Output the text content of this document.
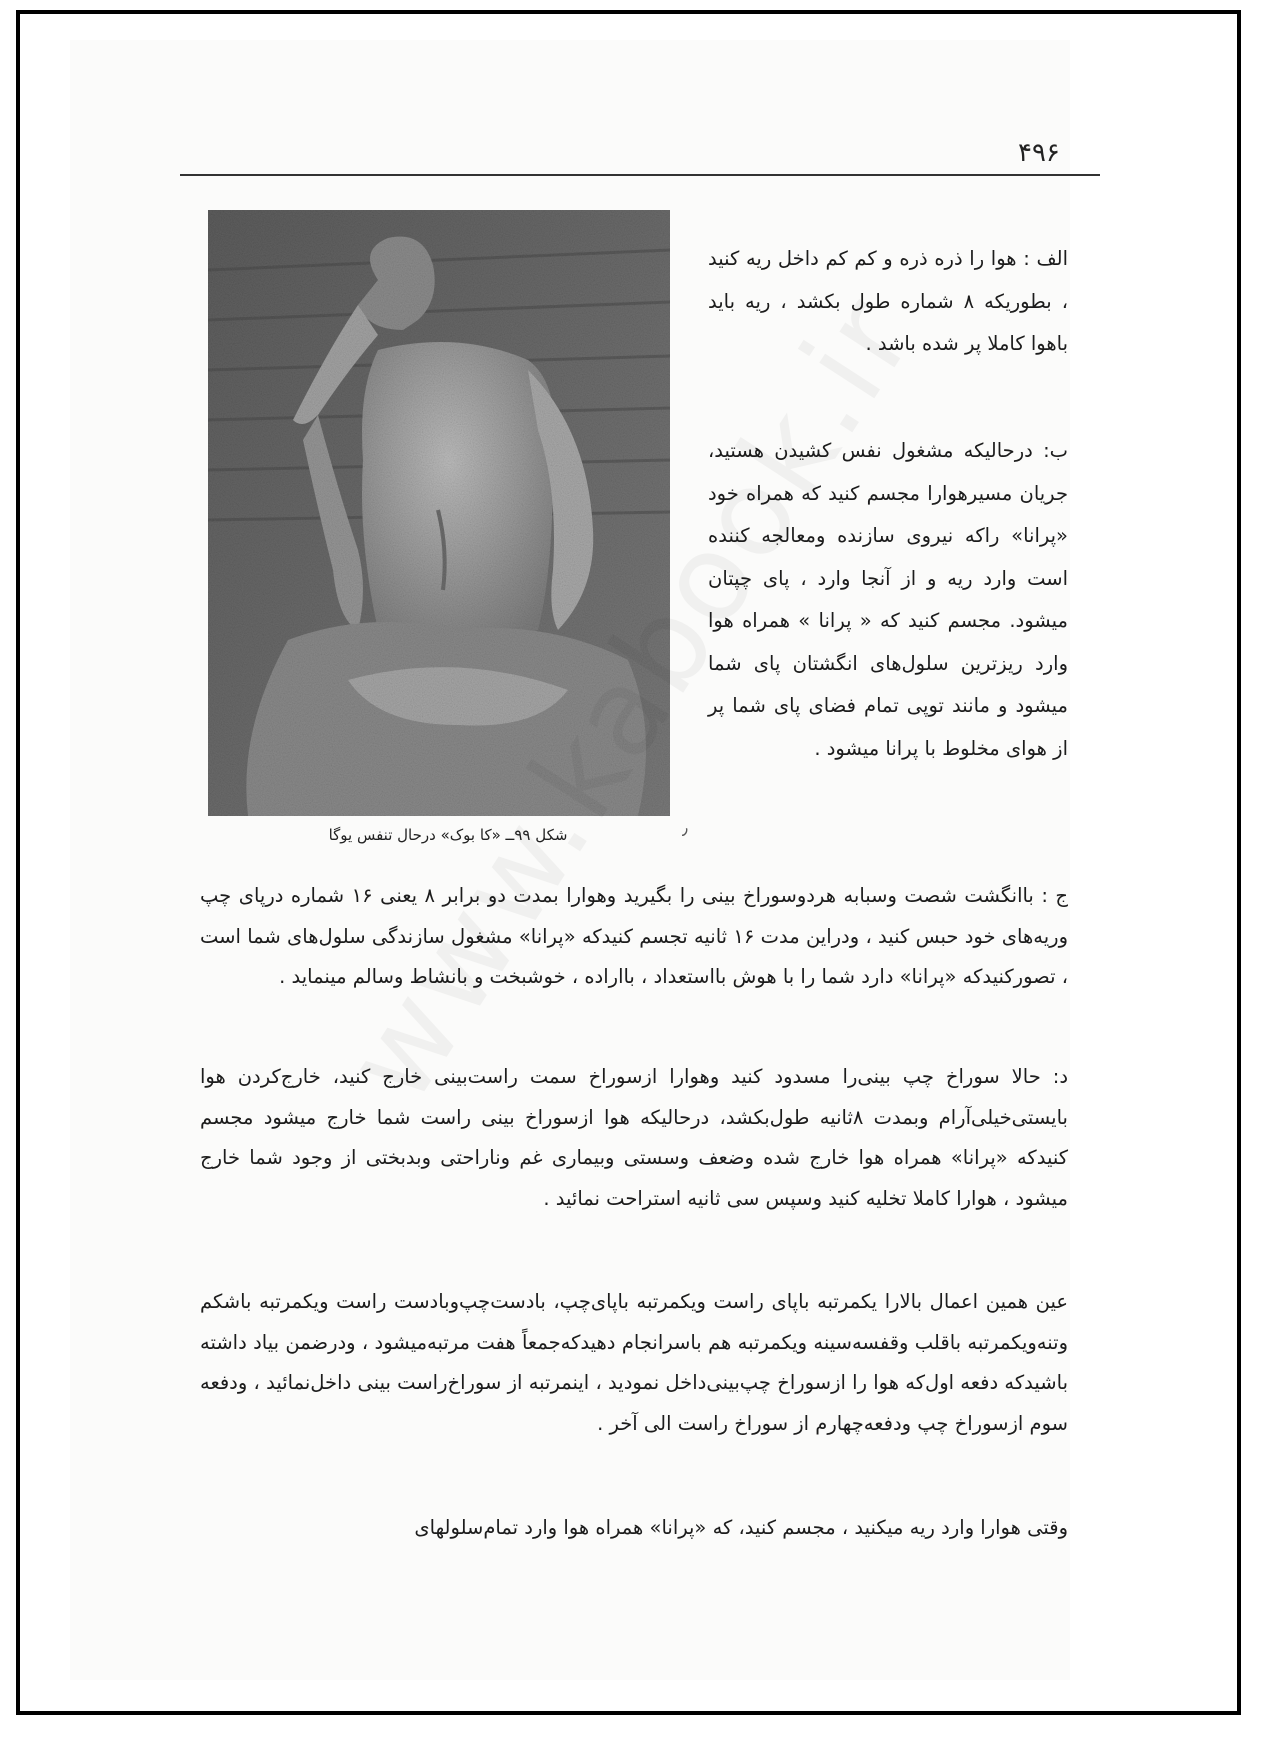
۴۹۶
شکل ۹۹ــ «کا بوک» درحال تنفس یوگا	٫
الف : هوا را ذره ذره و کم کم داخل ریه کنید ، بطوریکه ۸ شماره طول بکشد ، ریه باید باهوا کاملا پر شده باشد .
ب: درحالیکه مشغول نفس کشیدن هستید، جریان مسیرهوارا مجسم کنید که همراه خود «پرانا» راکه نیروی سازنده ومعالجه کننده است وارد ریه و از آنجا وارد ، پای چپتان میشود. مجسم کنید که « پرانا » همراه هوا وارد ریزترین سلول‌های انگشتان پای شما میشود و مانند توپی تمام فضای پای شما پر از هوای مخلوط با پرانا میشود .
ج : باانگشت شصت وسبابه هردوسوراخ بینی را بگیرید وهوارا بمدت دو برابر ۸ یعنی ۱۶ شماره درپای چپ وریه‌های خود حبس کنید ، ودراین مدت ۱۶ ثانیه تجسم کنیدکه «پرانا» مشغول سازندگی سلول‌های شما است ، تصورکنیدکه «پرانا» دارد شما را با هوش بااستعداد ، بااراده ، خوشبخت و بانشاط وسالم مینماید .
د: حالا سوراخ چپ بینی‌را مسدود کنید وهوارا ازسوراخ سمت راست‌بینی خارج کنید، خارج‌کردن هوا بایستی‌خیلی‌آرام وبمدت ۸ثانیه طول‌بکشد، درحالیکه هوا ازسوراخ بینی راست شما خارج میشود مجسم کنیدکه «پرانا» همراه هوا خارج شده وضعف وسستی وبیماری غم وناراحتی وبدبختی از وجود شما خارج میشود ، هوارا کاملا تخلیه کنید وسپس سی ثانیه استراحت نمائید .
عین همین اعمال بالارا یکمرتبه باپای راست ویکمرتبه باپای‌چپ، بادست‌چپ‌وبادست راست ویکمرتبه باشکم وتنه‌ویکمرتبه باقلب وقفسه‌سینه ویکمرتبه هم باسرانجام دهیدکه‌جمعاً هفت مرتبه‌میشود ، ودرضمن بیاد داشته باشیدکه دفعه اول‌که هوا را ازسوراخ چپ‌بینی‌داخل نمودید ، اینمرتبه از سوراخ‌راست بینی داخل‌نمائید ، ودفعه سوم ازسوراخ چپ ودفعه‌چهارم از سوراخ راست الی آخر .
وقتی هوارا وارد ریه میکنید ، مجسم کنید، که «پرانا» همراه هوا وارد تمام‌سلولهای
